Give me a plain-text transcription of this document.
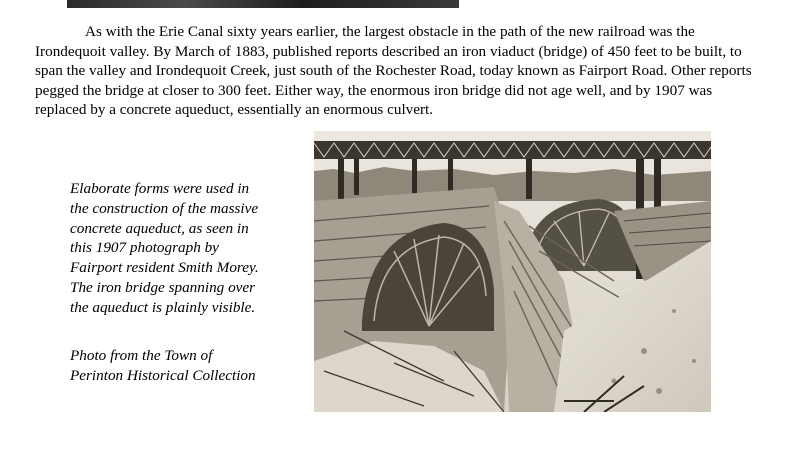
As with the Erie Canal sixty years earlier, the largest obstacle in the path of the new railroad was the Irondequoit valley. By March of 1883, published reports described an iron viaduct (bridge) of 450 feet to be built, to span the valley and Irondequoit Creek, just south of the Rochester Road, today known as Fairport Road. Other reports pegged the bridge at closer to 300 feet. Either way, the enormous iron bridge did not age well, and by 1907 was replaced by a concrete aqueduct, essentially an enormous culvert.

Elaborate forms were used in
the construction of the massive
concrete aqueduct, as seen in
this 1907 photograph by
Fairport resident Smith Morey.
The iron bridge spanning over
the aqueduct is plainly visible.

Photo from the Town of
Perinton Historical Collection
